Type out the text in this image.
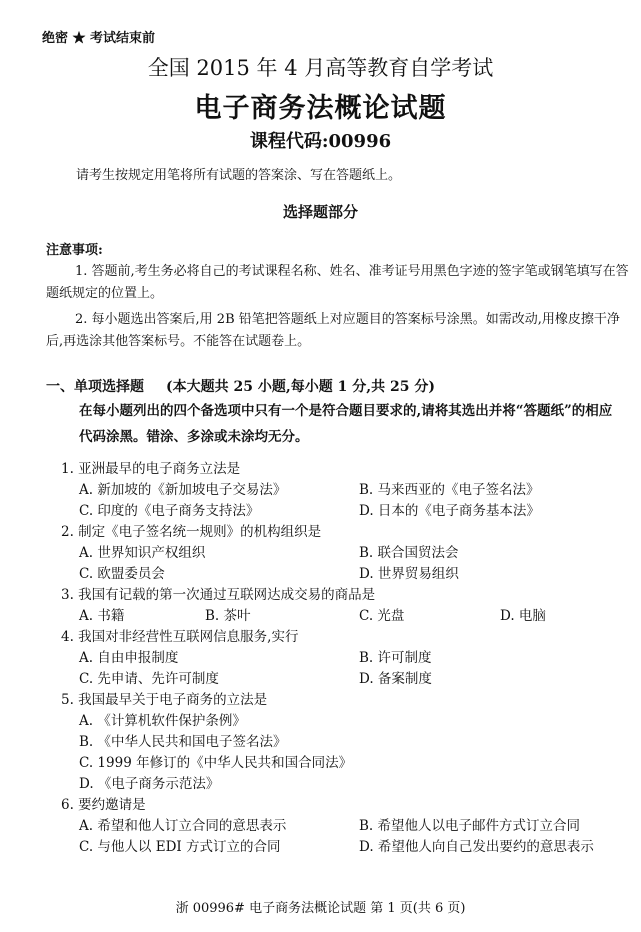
绝密 ★ 考试结束前
全国 2015 年 4 月高等教育自学考试
电子商务法概论试题
课程代码:00996
请考生按规定用笔将所有试题的答案涂、写在答题纸上。
选择题部分
注意事项:
1. 答题前,考生务必将自己的考试课程名称、姓名、准考证号用黑色字迹的签字笔或钢笔填写在答题纸规定的位置上。
2. 每小题选出答案后,用 2B 铅笔把答题纸上对应题目的答案标号涂黑。如需改动,用橡皮擦干净后,再选涂其他答案标号。不能答在试题卷上。
一、单项选择题 (本大题共 25 小题,每小题 1 分,共 25 分)
在每小题列出的四个备选项中只有一个是符合题目要求的,请将其选出并将“答题纸”的相应代码涂黑。错涂、多涂或未涂均无分。
1. 亚洲最早的电子商务立法是
A. 新加坡的《新加坡电子交易法》	B. 马来西亚的《电子签名法》
C. 印度的《电子商务支持法》	D. 日本的《电子商务基本法》
2. 制定《电子签名统一规则》的机构组织是
A. 世界知识产权组织	B. 联合国贸法会
C. 欧盟委员会	D. 世界贸易组织
3. 我国有记载的第一次通过互联网达成交易的商品是
A. 书籍	B. 茶叶	C. 光盘	D. 电脑
4. 我国对非经营性互联网信息服务,实行
A. 自由申报制度	B. 许可制度
C. 先申请、先许可制度	D. 备案制度
5. 我国最早关于电子商务的立法是
A. 《计算机软件保护条例》
B. 《中华人民共和国电子签名法》
C. 1999 年修订的《中华人民共和国合同法》
D. 《电子商务示范法》
6. 要约邀请是
A. 希望和他人订立合同的意思表示	B. 希望他人以电子邮件方式订立合同
C. 与他人以 EDI 方式订立的合同	D. 希望他人向自己发出要约的意思表示
浙 00996# 电子商务法概论试题 第 1 页(共 6 页)
